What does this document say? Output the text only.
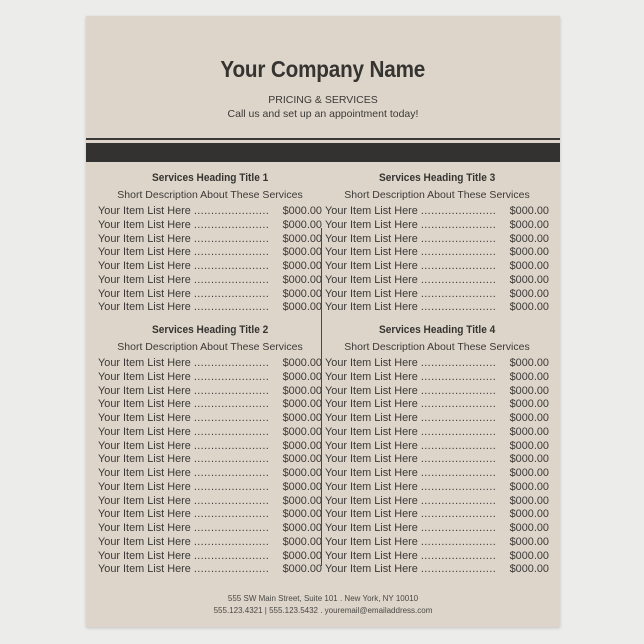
Your Company Name
PRICING & SERVICES
Call us and set up an appointment today!
Services Heading Title 1
Short Description About These Services
Your Item List Here ......................	$000.00
Your Item List Here ......................	$000.00
Your Item List Here ......................	$000.00
Your Item List Here ......................	$000.00
Your Item List Here ......................	$000.00
Your Item List Here ......................	$000.00
Your Item List Here ......................	$000.00
Your Item List Here ......................	$000.00
Services Heading Title 2
Short Description About These Services
Your Item List Here ......................	$000.00
Your Item List Here ......................	$000.00
Your Item List Here ......................	$000.00
Your Item List Here ......................	$000.00
Your Item List Here ......................	$000.00
Your Item List Here ......................	$000.00
Your Item List Here ......................	$000.00
Your Item List Here ......................	$000.00
Your Item List Here ......................	$000.00
Your Item List Here ......................	$000.00
Your Item List Here ......................	$000.00
Your Item List Here ......................	$000.00
Your Item List Here ......................	$000.00
Your Item List Here ......................	$000.00
Your Item List Here ......................	$000.00
Your Item List Here ......................	$000.00
Services Heading Title 3
Short Description About These Services
Your Item List Here ......................	$000.00
Your Item List Here ......................	$000.00
Your Item List Here ......................	$000.00
Your Item List Here ......................	$000.00
Your Item List Here ......................	$000.00
Your Item List Here ......................	$000.00
Your Item List Here ......................	$000.00
Your Item List Here ......................	$000.00
Services Heading Title 4
Short Description About These Services
Your Item List Here ......................	$000.00
Your Item List Here ......................	$000.00
Your Item List Here ......................	$000.00
Your Item List Here ......................	$000.00
Your Item List Here ......................	$000.00
Your Item List Here ......................	$000.00
Your Item List Here ......................	$000.00
Your Item List Here ......................	$000.00
Your Item List Here ......................	$000.00
Your Item List Here ......................	$000.00
Your Item List Here ......................	$000.00
Your Item List Here ......................	$000.00
Your Item List Here ......................	$000.00
Your Item List Here ......................	$000.00
Your Item List Here ......................	$000.00
Your Item List Here ......................	$000.00
555 SW Main Street, Suite 101 . New York, NY 10010
555.123.4321 | 555.123.5432 . youremail@emailaddress.com
